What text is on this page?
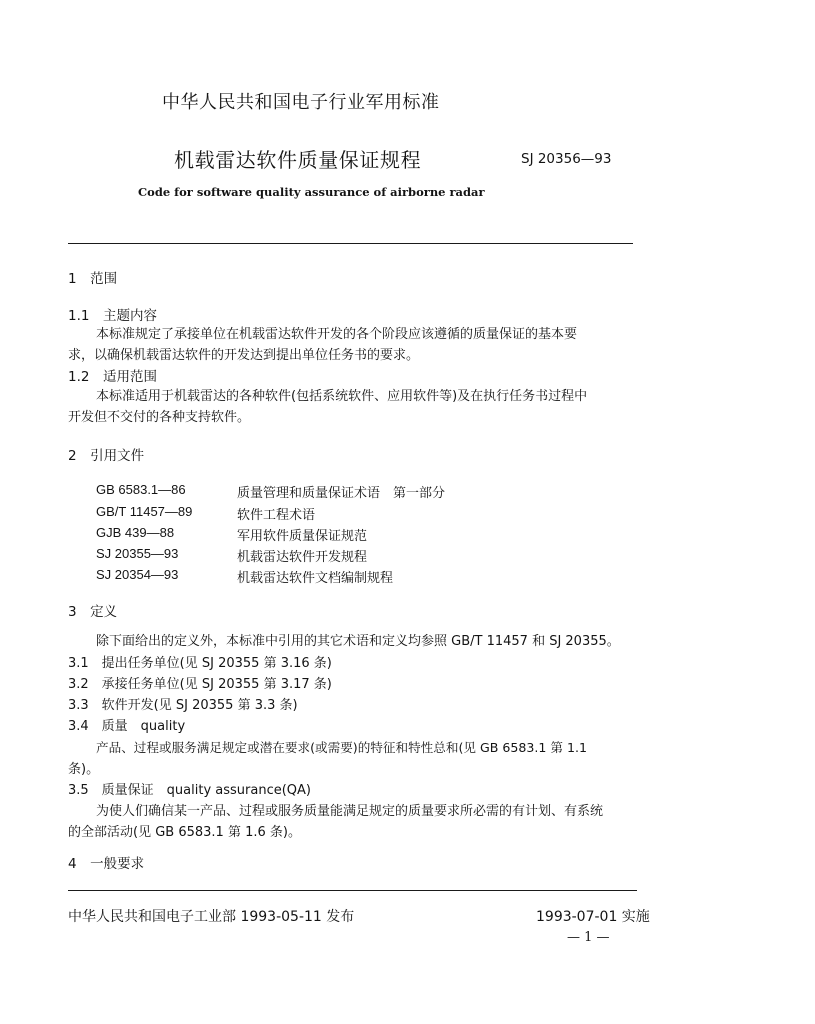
中华人民共和国电子行业军用标准
机载雷达软件质量保证规程	SJ 20356—93
Code for software quality assurance of airborne radar
1　范围
1.1　主题内容
本标准规定了承接单位在机载雷达软件开发的各个阶段应该遵循的质量保证的基本要
求，以确保机载雷达软件的开发达到提出单位任务书的要求。
1.2　适用范围
本标准适用于机载雷达的各种软件(包括系统软件、应用软件等)及在执行任务书过程中
开发但不交付的各种支持软件。
2　引用文件
GB 6583.1—86	质量管理和质量保证术语　第一部分
GB/T 11457—89	软件工程术语
GJB 439—88	军用软件质量保证规范
SJ 20355—93	机载雷达软件开发规程
SJ 20354—93	机载雷达软件文档编制规程
3　定义
除下面给出的定义外，本标准中引用的其它术语和定义均参照 GB/T 11457 和 SJ 20355。
3.1　提出任务单位(见 SJ 20355 第 3.16 条)
3.2　承接任务单位(见 SJ 20355 第 3.17 条)
3.3　软件开发(见 SJ 20355 第 3.3 条)
3.4　质量　quality
产品、过程或服务满足规定或潜在要求(或需要)的特征和特性总和(见 GB 6583.1 第 1.1
条)。
3.5　质量保证　quality assurance(QA)
为使人们确信某一产品、过程或服务质量能满足规定的质量要求所必需的有计划、有系统
的全部活动(见 GB 6583.1 第 1.6 条)。
4　一般要求
中华人民共和国电子工业部 1993-05-11 发布	1993-07-01 实施
— 1 —
